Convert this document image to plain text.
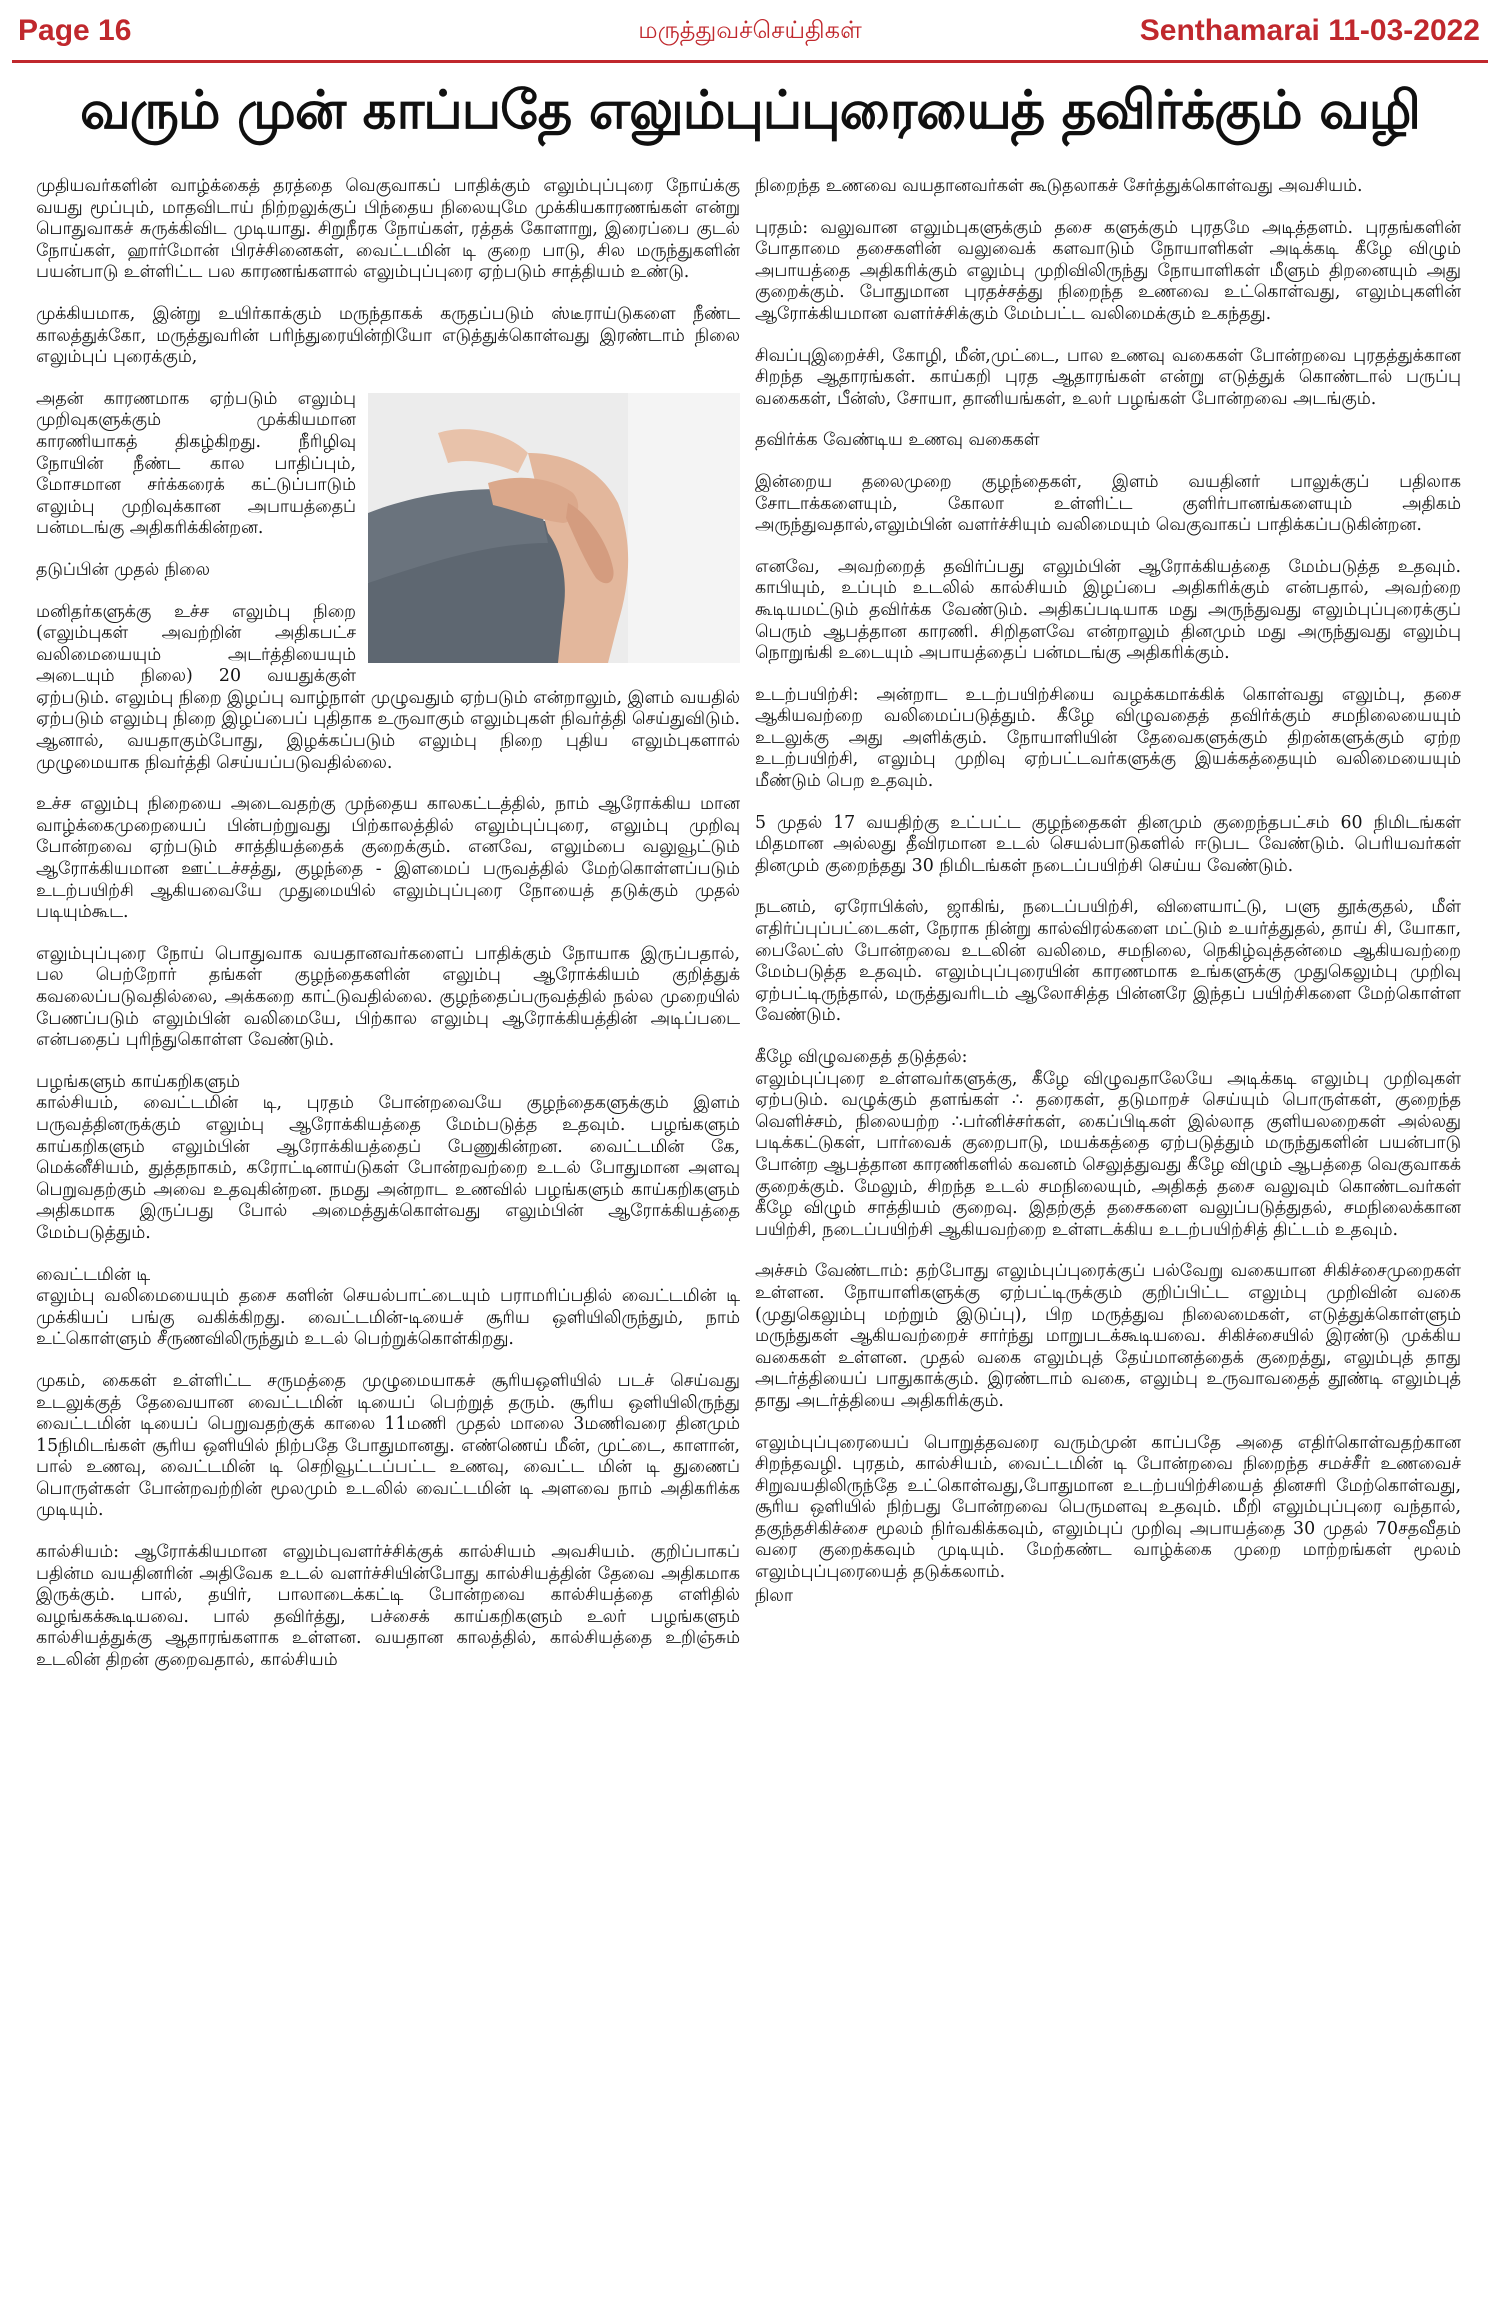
Page 16	மருத்துவச்செய்திகள்	Senthamarai 11-03-2022
வரும் முன் காப்பதே எலும்புப்புரையைத் தவிர்க்கும் வழி

முதியவர்களின் வாழ்க்கைத் தரத்தை வெகுவாகப் பாதிக்கும் எலும்புப்புரை நோய்க்கு வயது மூப்பும், மாதவிடாய் நிற்றலுக்குப் பிந்தைய நிலையுமே முக்கியகாரணங்கள் என்று பொதுவாகச் சுருக்கிவிட முடியாது. சிறுநீரக நோய்கள், ரத்தக் கோளாறு, இரைப்பை குடல் நோய்கள், ஹார்மோன் பிரச்சினைகள், வைட்டமின் டி குறை பாடு, சில மருந்துகளின் பயன்பாடு உள்ளிட்ட பல காரணங்களால் எலும்புப்புரை ஏற்படும் சாத்தியம் உண்டு.

முக்கியமாக, இன்று உயிர்காக்கும் மருந்தாகக் கருதப்படும் ஸ்டீராய்டுகளை நீண்ட காலத்துக்கோ, மருத்துவரின் பரிந்துரையின்றியோ எடுத்துக்கொள்வது இரண்டாம் நிலை எலும்புப் புரைக்கும்,

அதன் காரணமாக ஏற்படும் எலும்பு முறிவுகளுக்கும் முக்கியமான காரணியாகத் திகழ்கிறது. நீரிழிவு நோயின் நீண்ட கால பாதிப்பும், மோசமான சர்க்கரைக் கட்டுப்பாடும் எலும்பு முறிவுக்கான அபாயத்தைப் பன்மடங்கு அதிகரிக்கின்றன.

தடுப்பின் முதல் நிலை

மனிதர்களுக்கு உச்ச எலும்பு நிறை (எலும்புகள் அவற்றின் அதிகபட்ச வலிமையையும் அடர்த்தியையும் அடையும் நிலை) 20 வயதுக்குள் ஏற்படும். எலும்பு நிறை இழப்பு வாழ்நாள் முழுவதும் ஏற்படும் என்றாலும், இளம் வயதில் ஏற்படும் எலும்பு நிறை இழப்பைப் புதிதாக உருவாகும் எலும்புகள் நிவர்த்தி செய்துவிடும். ஆனால், வயதாகும்போது, இழக்கப்படும் எலும்பு நிறை புதிய எலும்புகளால் முழுமையாக நிவர்த்தி செய்யப்படுவதில்லை.

உச்ச எலும்பு நிறையை அடைவதற்கு முந்தைய காலகட்டத்தில், நாம் ஆரோக்கிய மான வாழ்க்கைமுறையைப் பின்பற்றுவது பிற்காலத்தில் எலும்புப்புரை, எலும்பு முறிவு போன்றவை ஏற்படும் சாத்தியத்தைக் குறைக்கும். எனவே, எலும்பை வலுவூட்டும் ஆரோக்கியமான ஊட்டச்சத்து, குழந்தை - இளமைப் பருவத்தில் மேற்கொள்ளப்படும் உடற்பயிற்சி ஆகியவையே முதுமையில் எலும்புப்புரை நோயைத் தடுக்கும் முதல் படியும்கூட.

எலும்புப்புரை நோய் பொதுவாக வயதானவர்களைப் பாதிக்கும் நோயாக இருப்பதால், பல பெற்றோர் தங்கள் குழந்தைகளின் எலும்பு ஆரோக்கியம் குறித்துக் கவலைப்படுவதில்லை, அக்கறை காட்டுவதில்லை. குழந்தைப்பருவத்தில் நல்ல முறையில் பேணப்படும் எலும்பின் வலிமையே, பிற்கால எலும்பு ஆரோக்கியத்தின் அடிப்படை என்பதைப் புரிந்துகொள்ள வேண்டும்.

பழங்களும் காய்கறிகளும்

கால்சியம், வைட்டமின் டி, புரதம் போன்றவையே குழந்தைகளுக்கும் இளம் பருவத்தினருக்கும் எலும்பு ஆரோக்கியத்தை மேம்படுத்த உதவும். பழங்களும் காய்கறிகளும் எலும்பின் ஆரோக்கியத்தைப் பேணுகின்றன. வைட்டமின் கே, மெக்னீசியம், துத்தநாகம், கரோட்டினாய்டுகள் போன்றவற்றை உடல் போதுமான அளவு பெறுவதற்கும் அவை உதவுகின்றன. நமது அன்றாட உணவில் பழங்களும் காய்கறிகளும் அதிகமாக இருப்பது போல் அமைத்துக்கொள்வது எலும்பின் ஆரோக்கியத்தை மேம்படுத்தும்.

வைட்டமின் டி

எலும்பு வலிமையையும் தசை களின் செயல்பாட்டையும் பராமரிப்பதில் வைட்டமின் டி முக்கியப் பங்கு வகிக்கிறது. வைட்டமின்-டியைச் சூரிய ஒளியிலிருந்தும், நாம் உட்கொள்ளும் சீருணவிலிருந்தும் உடல் பெற்றுக்கொள்கிறது.

முகம், கைகள் உள்ளிட்ட சருமத்தை முழுமையாகச் சூரியஒளியில் படச் செய்வது உடலுக்குத் தேவையான வைட்டமின் டியைப் பெற்றுத் தரும். சூரிய ஒளியிலிருந்து வைட்டமின் டியைப் பெறுவதற்குக் காலை 11மணி முதல் மாலை 3மணிவரை தினமும் 15நிமிடங்கள் சூரிய ஒளியில் நிற்பதே போதுமானது. எண்ணெய் மீன், முட்டை, காளான், பால் உணவு, வைட்டமின் டி செறிவூட்டப்பட்ட உணவு, வைட்ட மின் டி துணைப் பொருள்கள் போன்றவற்றின் மூலமும் உடலில் வைட்டமின் டி அளவை நாம் அதிகரிக்க முடியும்.

கால்சியம்: ஆரோக்கியமான எலும்புவளர்ச்சிக்குக் கால்சியம் அவசியம். குறிப்பாகப் பதின்ம வயதினரின் அதிவேக உடல் வளர்ச்சியின்போது கால்சியத்தின் தேவை அதிகமாக இருக்கும். பால், தயிர், பாலாடைக்கட்டி போன்றவை கால்சியத்தை எளிதில் வழங்கக்கூடியவை. பால் தவிர்த்து, பச்சைக் காய்கறிகளும் உலர் பழங்களும் கால்சியத்துக்கு ஆதாரங்களாக உள்ளன. வயதான காலத்தில், கால்சியத்தை உறிஞ்சும் உடலின் திறன் குறைவதால், கால்சியம்

நிறைந்த உணவை வயதானவர்கள் கூடுதலாகச் சேர்த்துக்கொள்வது அவசியம்.

புரதம்: வலுவான எலும்புகளுக்கும் தசை களுக்கும் புரதமே அடித்தளம். புரதங்களின் போதாமை தசைகளின் வலுவைக் களவாடும் நோயாளிகள் அடிக்கடி கீழே விழும் அபாயத்தை அதிகரிக்கும் எலும்பு முறிவிலிருந்து நோயாளிகள் மீளும் திறனையும் அது குறைக்கும். போதுமான புரதச்சத்து நிறைந்த உணவை உட்கொள்வது, எலும்புகளின் ஆரோக்கியமான வளர்ச்சிக்கும் மேம்பட்ட வலிமைக்கும் உகந்தது.

சிவப்புஇறைச்சி, கோழி, மீன்,முட்டை, பால உணவு வகைகள் போன்றவை புரதத்துக்கான சிறந்த ஆதாரங்கள். காய்கறி புரத ஆதாரங்கள் என்று எடுத்துக் கொண்டால் பருப்பு வகைகள், பீன்ஸ், சோயா, தானியங்கள், உலர் பழங்கள் போன்றவை அடங்கும்.

தவிர்க்க வேண்டிய உணவு வகைகள்

இன்றைய தலைமுறை குழந்தைகள், இளம் வயதினர் பாலுக்குப் பதிலாக சோடாக்களையும், கோலா உள்ளிட்ட குளிர்பானங்களையும் அதிகம் அருந்துவதால்,எலும்பின் வளர்ச்சியும் வலிமையும் வெகுவாகப் பாதிக்கப்படுகின்றன.

எனவே, அவற்றைத் தவிர்ப்பது எலும்பின் ஆரோக்கியத்தை மேம்படுத்த உதவும். காபியும், உப்பும் உடலில் கால்சியம் இழப்பை அதிகரிக்கும் என்பதால், அவற்றை கூடியமட்டும் தவிர்க்க வேண்டும். அதிகப்படியாக மது அருந்துவது எலும்புப்புரைக்குப் பெரும் ஆபத்தான காரணி. சிறிதளவே என்றாலும் தினமும் மது அருந்துவது எலும்பு நொறுங்கி உடையும் அபாயத்தைப் பன்மடங்கு அதிகரிக்கும்.

உடற்பயிற்சி: அன்றாட உடற்பயிற்சியை வழக்கமாக்கிக் கொள்வது எலும்பு, தசை ஆகியவற்றை வலிமைப்படுத்தும். கீழே விழுவதைத் தவிர்க்கும் சமநிலையையும் உடலுக்கு அது அளிக்கும். நோயாளியின் தேவைகளுக்கும் திறன்களுக்கும் ஏற்ற உடற்பயிற்சி, எலும்பு முறிவு ஏற்பட்டவர்களுக்கு இயக்கத்தையும் வலிமையையும் மீண்டும் பெற உதவும்.

5 முதல் 17 வயதிற்கு உட்பட்ட குழந்தைகள் தினமும் குறைந்தபட்சம் 60 நிமிடங்கள் மிதமான அல்லது தீவிரமான உடல் செயல்பாடுகளில் ஈடுபட வேண்டும். பெரியவர்கள் தினமும் குறைந்தது 30 நிமிடங்கள் நடைப்பயிற்சி செய்ய வேண்டும்.

நடனம், ஏரோபிக்ஸ், ஜாகிங், நடைப்பயிற்சி, விளையாட்டு, பளு தூக்குதல், மீள் எதிர்ப்புப்பட்டைகள், நேராக நின்று கால்விரல்களை மட்டும் உயர்த்துதல், தாய் சி, யோகா, பைலேட்ஸ் போன்றவை உடலின் வலிமை, சமநிலை, நெகிழ்வுத்தன்மை ஆகியவற்றை மேம்படுத்த உதவும். எலும்புப்புரையின் காரணமாக உங்களுக்கு முதுகெலும்பு முறிவு ஏற்பட்டிருந்தால், மருத்துவரிடம் ஆலோசித்த பின்னரே இந்தப் பயிற்சிகளை மேற்கொள்ள வேண்டும்.

கீழே விழுவதைத் தடுத்தல்:

எலும்புப்புரை உள்ளவர்களுக்கு, கீழே விழுவதாலேயே அடிக்கடி எலும்பு முறிவுகள் ஏற்படும். வழுக்கும் தளங்கள் ∴ தரைகள், தடுமாறச் செய்யும் பொருள்கள், குறைந்த வெளிச்சம், நிலையற்ற ∴பர்னிச்சர்கள், கைப்பிடிகள் இல்லாத குளியலறைகள் அல்லது படிக்கட்டுகள், பார்வைக் குறைபாடு, மயக்கத்தை ஏற்படுத்தும் மருந்துகளின் பயன்பாடு போன்ற ஆபத்தான காரணிகளில் கவனம் செலுத்துவது கீழே விழும் ஆபத்தை வெகுவாகக் குறைக்கும். மேலும், சிறந்த உடல் சமநிலையும், அதிகத் தசை வலுவும் கொண்டவர்கள் கீழே விழும் சாத்தியம் குறைவு. இதற்குத் தசைகளை வலுப்படுத்துதல், சமநிலைக்கான பயிற்சி, நடைப்பயிற்சி ஆகியவற்றை உள்ளடக்கிய உடற்பயிற்சித் திட்டம் உதவும்.

அச்சம் வேண்டாம்: தற்போது எலும்புப்புரைக்குப் பல்வேறு வகையான சிகிச்சைமுறைகள் உள்ளன. நோயாளிகளுக்கு ஏற்பட்டிருக்கும் குறிப்பிட்ட எலும்பு முறிவின் வகை (முதுகெலும்பு மற்றும் இடுப்பு), பிற மருத்துவ நிலைமைகள், எடுத்துக்கொள்ளும் மருந்துகள் ஆகியவற்றைச் சார்ந்து மாறுபடக்கூடியவை. சிகிச்சையில் இரண்டு முக்கிய வகைகள் உள்ளன. முதல் வகை எலும்புத் தேய்மானத்தைக் குறைத்து, எலும்புத் தாது அடர்த்தியைப் பாதுகாக்கும். இரண்டாம் வகை, எலும்பு உருவாவதைத் தூண்டி எலும்புத் தாது அடர்த்தியை அதிகரிக்கும்.

எலும்புப்புரையைப் பொறுத்தவரை வரும்முன் காப்பதே அதை எதிர்கொள்வதற்கான சிறந்தவழி. புரதம், கால்சியம், வைட்டமின் டி போன்றவை நிறைந்த சமச்சீர் உணவைச் சிறுவயதிலிருந்தே உட்கொள்வது,போதுமான உடற்பயிற்சியைத் தினசரி மேற்கொள்வது, சூரிய ஒளியில் நிற்பது போன்றவை பெருமளவு உதவும். மீறி எலும்புப்புரை வந்தால், தகுந்தசிகிச்சை மூலம் நிர்வகிக்கவும், எலும்புப் முறிவு அபாயத்தை 30 முதல் 70சதவீதம் வரை குறைக்கவும் முடியும். மேற்கண்ட வாழ்க்கை முறை மாற்றங்கள் மூலம் எலும்புப்புரையைத் தடுக்கலாம்.

நிலா
